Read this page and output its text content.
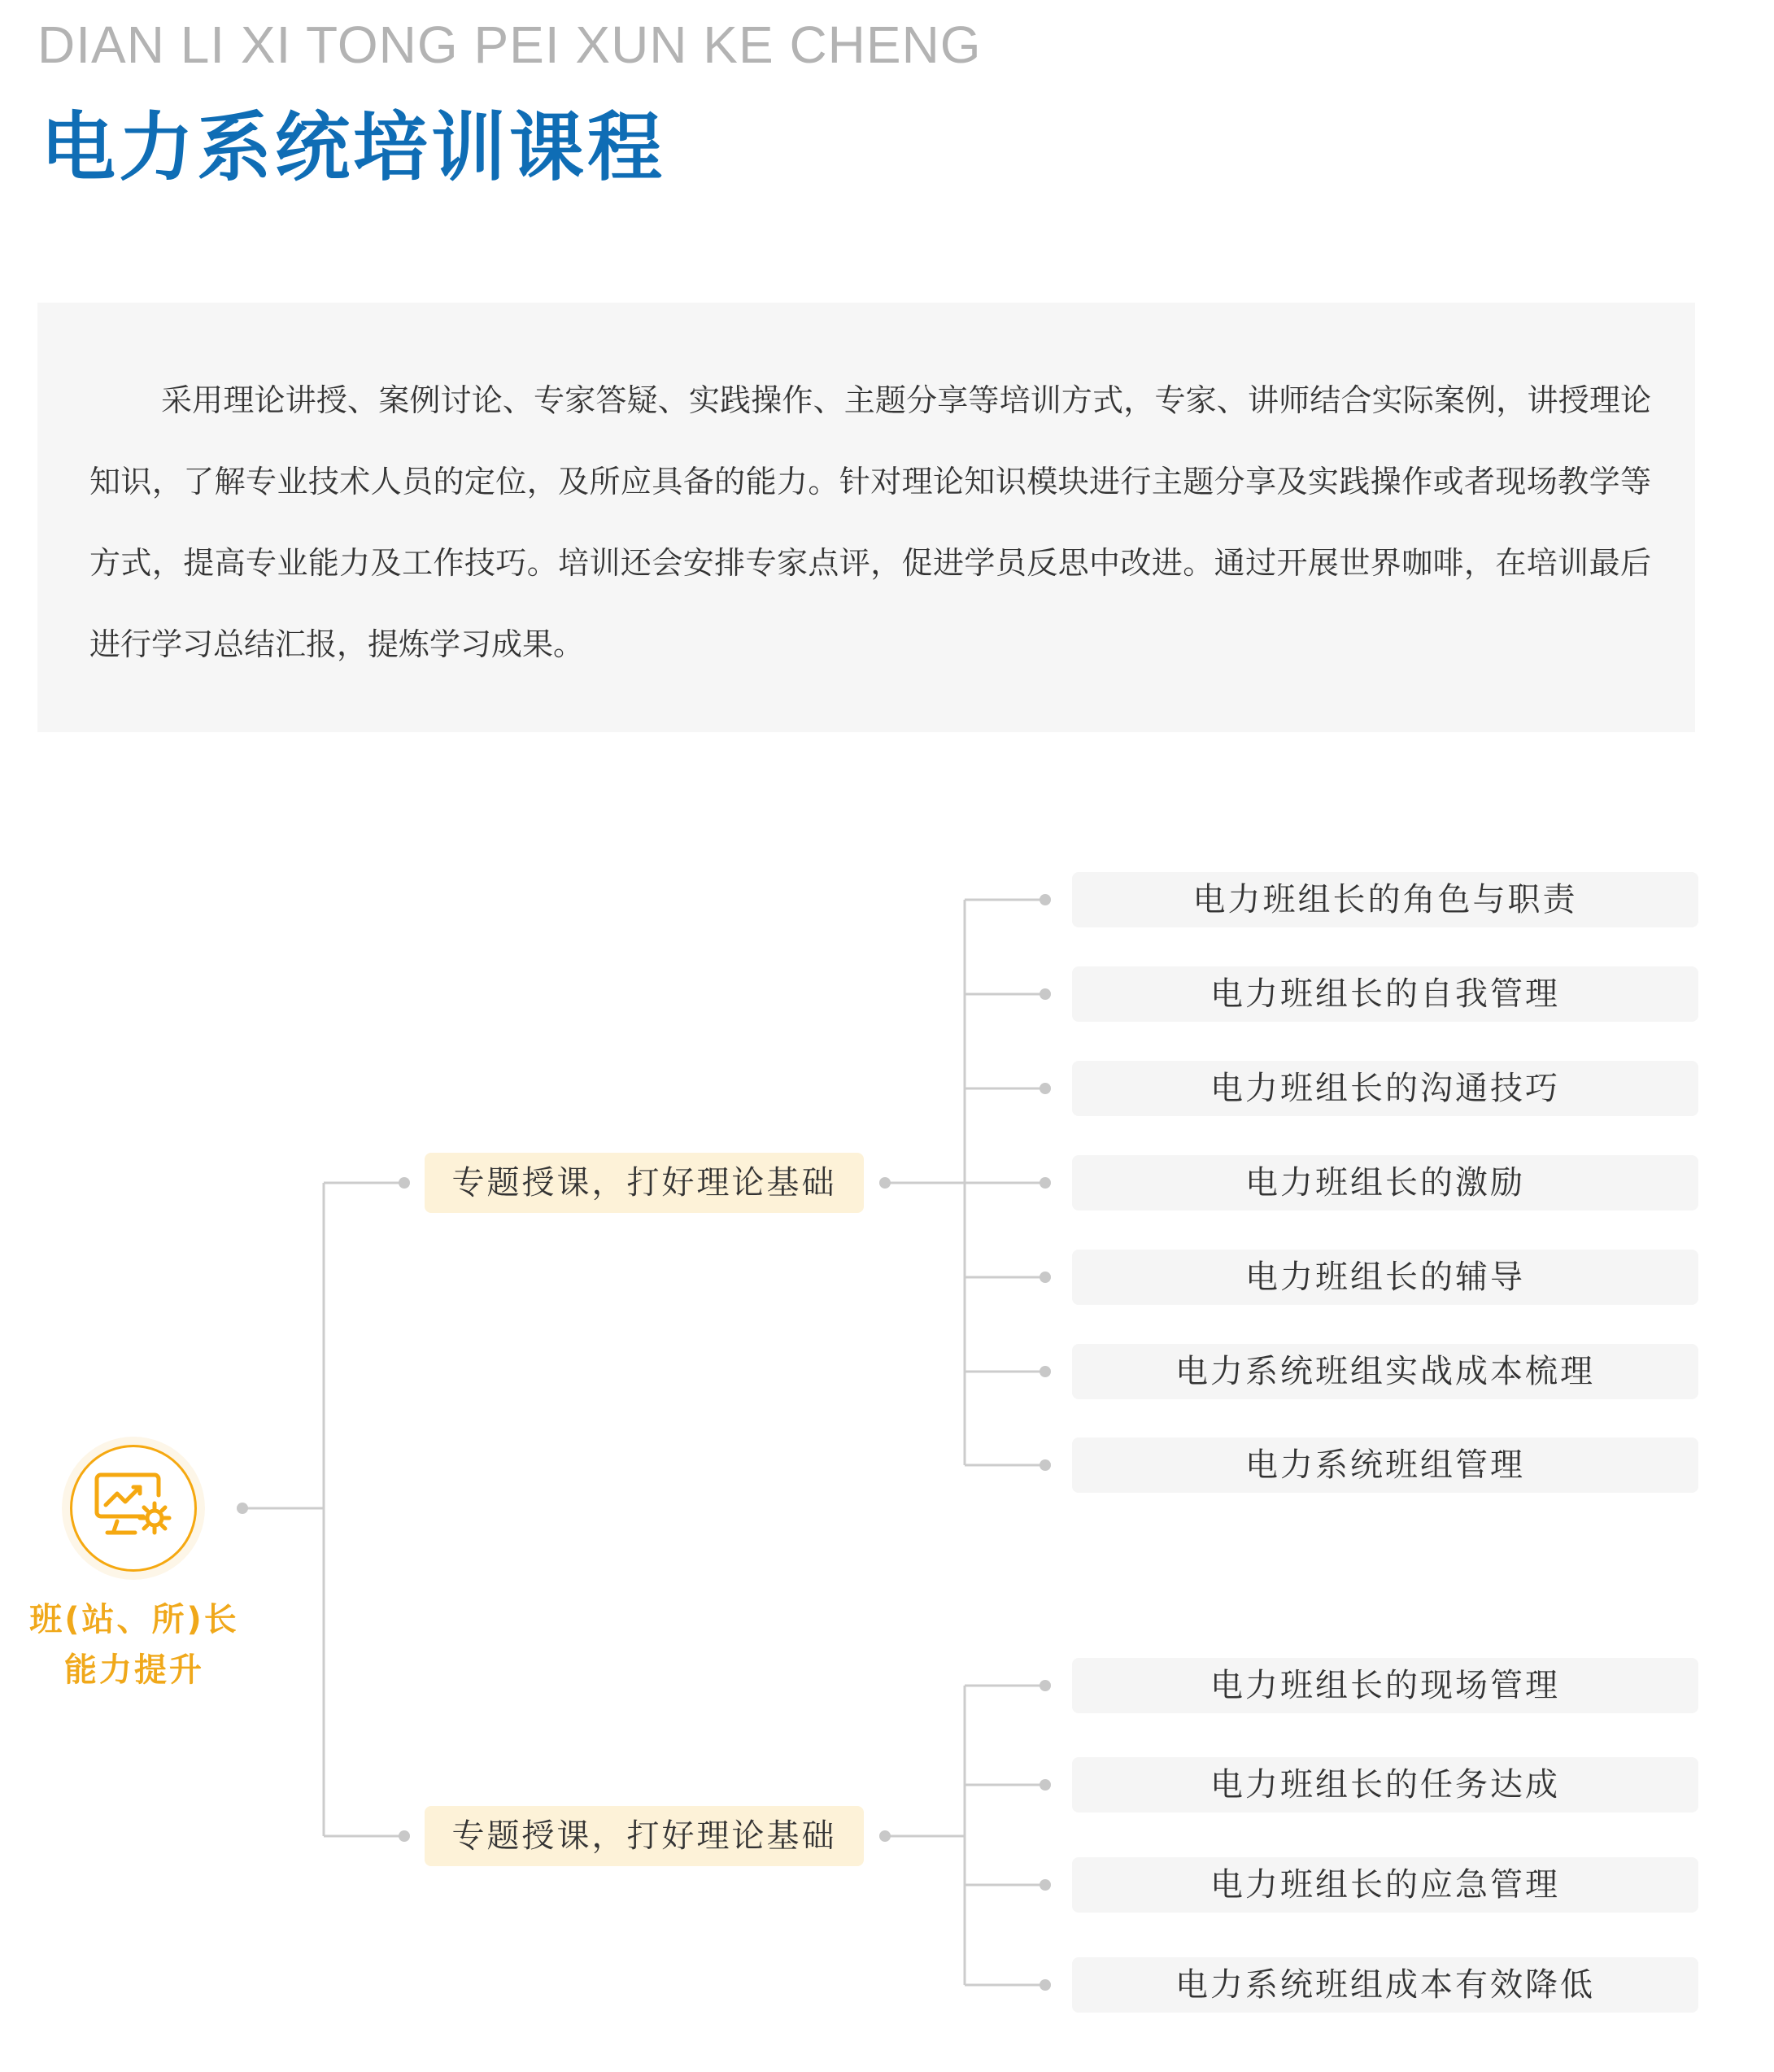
DIAN LI XI TONG PEI XUN KE CHENG
电力系统培训课程

采用理论讲授、案例讨论、专家答疑、实践操作、主题分享等培训方式，专家、讲师结合实际案例，讲授理论知识，了解专业技术人员的定位，及所应具备的能力。针对理论知识模块进行主题分享及实践操作或者现场教学等方式，提高专业能力及工作技巧。培训还会安排专家点评，促进学员反思中改进。通过开展世界咖啡，在培训最后进行学习总结汇报，提炼学习成果。

班(站、所)长
能力提升
专题授课，打好理论基础
专题授课，打好理论基础
电力班组长的角色与职责
电力班组长的自我管理
电力班组长的沟通技巧
电力班组长的激励
电力班组长的辅导
电力系统班组实战成本梳理
电力系统班组管理
电力班组长的现场管理
电力班组长的任务达成
电力班组长的应急管理
电力系统班组成本有效降低
